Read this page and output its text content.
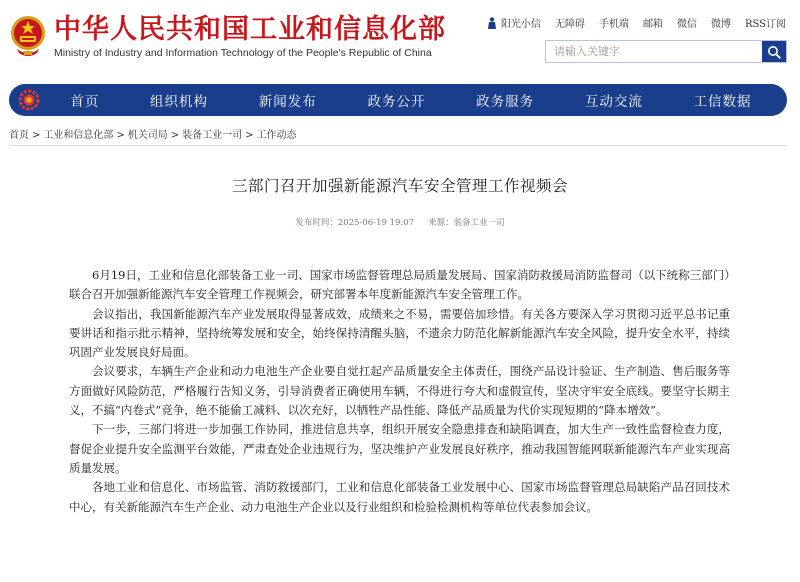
中华人民共和国工业和信息化部
Ministry of Industry and Information Technology of the People's Republic of China
阳光小信 无障碍 手机端 邮箱 微信 微博 RSS订阅
请输入关键字
首页	组织机构	新闻发布	政务公开	政务服务	互动交流	工信数据
首页 > 工业和信息化部 > 机关司局 > 装备工业一司 > 工作动态
三部门召开加强新能源汽车安全管理工作视频会
发布时间：2025-06-19 19:07 来源：装备工业一司

6月19日，工业和信息化部装备工业一司、国家市场监督管理总局质量发展局、国家消防救援局消防监督司（以下统称三部门）联合召开加强新能源汽车安全管理工作视频会，研究部署本年度新能源汽车安全管理工作。

会议指出，我国新能源汽车产业发展取得显著成效，成绩来之不易，需要倍加珍惜。有关各方要深入学习贯彻习近平总书记重要讲话和指示批示精神，坚持统筹发展和安全，始终保持清醒头脑，不遗余力防范化解新能源汽车安全风险，提升安全水平，持续巩固产业发展良好局面。

会议要求，车辆生产企业和动力电池生产企业要自觉扛起产品质量安全主体责任，围绕产品设计验证、生产制造、售后服务等方面做好风险防范，严格履行告知义务，引导消费者正确使用车辆，不得进行夸大和虚假宣传，坚决守牢安全底线。要坚守长期主义，不搞“内卷式”竞争，绝不能偷工减料、以次充好，以牺牲产品性能、降低产品质量为代价实现短期的“降本增效”。

下一步，三部门将进一步加强工作协同，推进信息共享，组织开展安全隐患排查和缺陷调查，加大生产一致性监督检查力度，督促企业提升安全监测平台效能，严肃查处企业违规行为，坚决维护产业发展良好秩序，推动我国智能网联新能源汽车产业实现高质量发展。

各地工业和信息化、市场监管、消防救援部门，工业和信息化部装备工业发展中心、国家市场监督管理总局缺陷产品召回技术中心，有关新能源汽车生产企业、动力电池生产企业以及行业组织和检验检测机构等单位代表参加会议。
